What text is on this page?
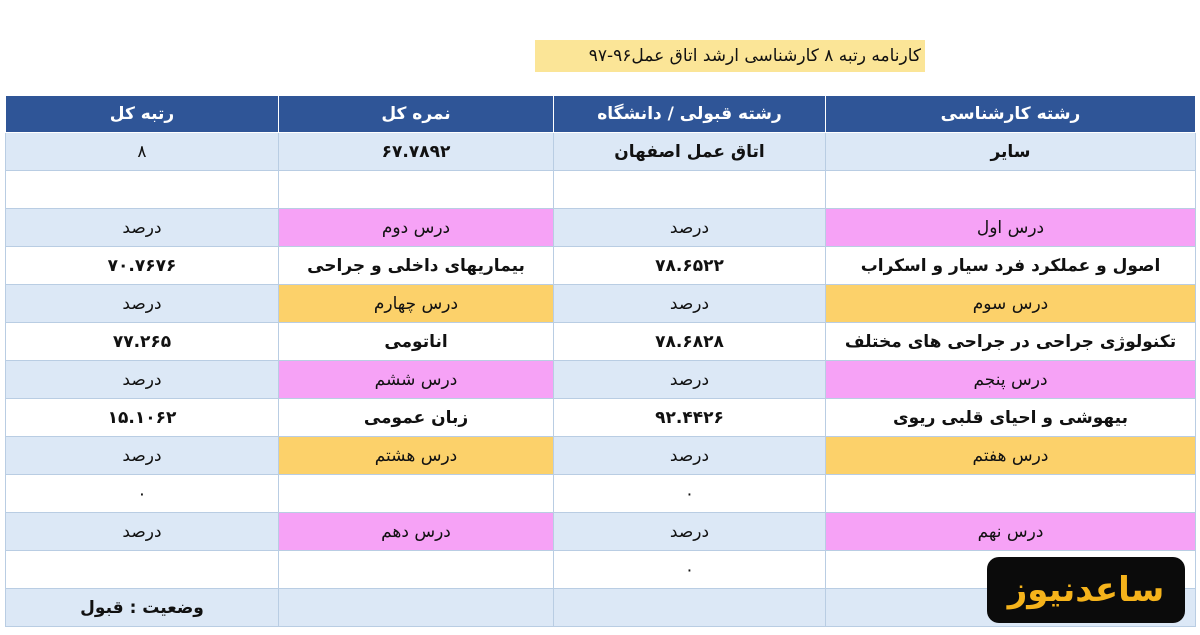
کارنامه رتبه ۸ کارشناسی ارشد اتاق عمل۹۶-۹۷
رشته کارشناسی	رشته قبولی / دانشگاه	نمره کل	رتبه کل
سایر	اتاق عمل اصفهان	۶۷.۷۸۹۲	۸

درس اول	درصد	درس دوم	درصد
اصول و عملکرد فرد سیار و اسکراب	۷۸.۶۵۲۲	بیماریهای داخلی و جراحی	۷۰.۷۶۷۶
درس سوم	درصد	درس چهارم	درصد
تکنولوژی جراحی در جراحی های مختلف	۷۸.۶۸۲۸	اناتومی	۷۷.۲۶۵
درس پنجم	درصد	درس ششم	درصد
بیهوشی و احیای قلبی ریوی	۹۲.۴۴۲۶	زبان عمومی	۱۵.۱۰۶۲
درس هفتم	درصد	درس هشتم	درصد
	۰		۰
درس نهم	درصد	درس دهم	درصد
	۰		
			وضعیت : قبول	ساعدنیوز
